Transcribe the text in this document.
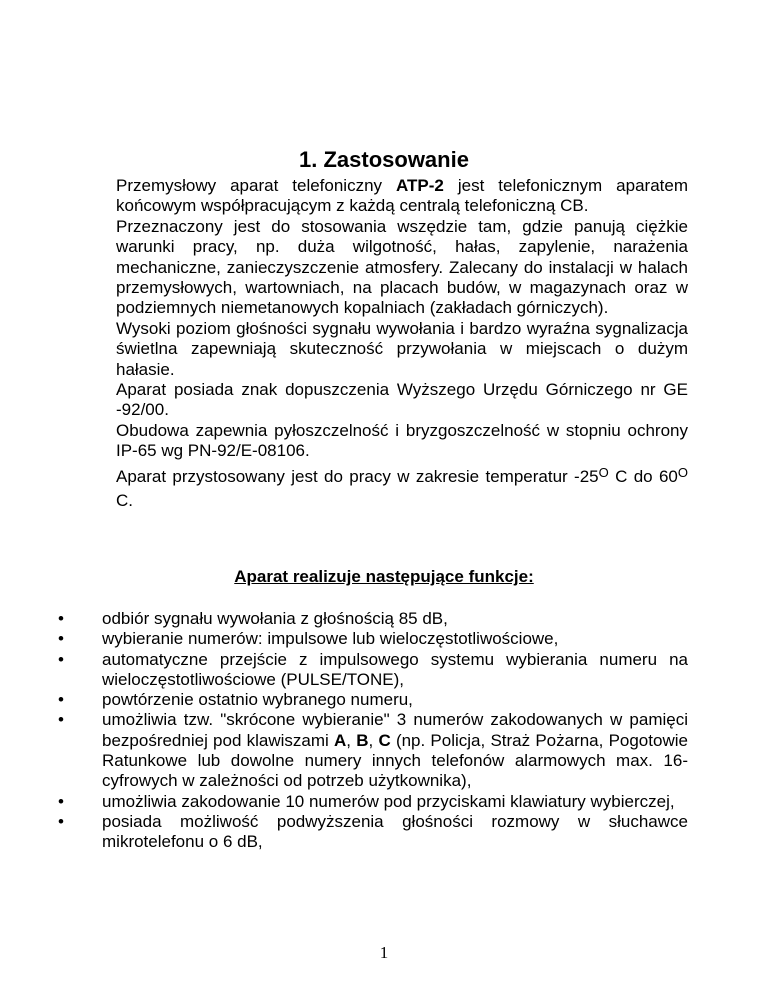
1. Zastosowanie

Przemysłowy aparat telefoniczny ATP-2 jest telefonicznym aparatem końcowym współpracującym z każdą centralą telefoniczną CB.

Przeznaczony jest do stosowania wszędzie tam, gdzie panują ciężkie warunki pracy, np. duża wilgotność, hałas, zapylenie, narażenia mechaniczne, zanieczyszczenie atmosfery. Zalecany do instalacji w halach przemysłowych, wartowniach, na placach budów, w magazynach oraz w podziemnych niemetanowych kopalniach (zakładach górniczych).

Wysoki poziom głośności sygnału wywołania i bardzo wyraźna sygnalizacja świetlna zapewniają skuteczność przywołania w miejscach o dużym hałasie.

Aparat posiada znak dopuszczenia Wyższego Urzędu Górniczego nr GE -92/00.

Obudowa zapewnia pyłoszczelność i bryzgoszczelność w stopniu ochrony IP-65 wg PN-92/E-08106.

Aparat przystosowany jest do pracy w zakresie temperatur $-25^O$ C do $60^O$ C.

Aparat realizuje następujące funkcje:
• odbiór sygnału wywołania z głośnością 85 dB,
• wybieranie numerów: impulsowe lub wieloczęstotliwościowe,
• automatyczne przejście z impulsowego systemu wybierania numeru na wieloczęstotliwościowe (PULSE/TONE),
• powtórzenie ostatnio wybranego numeru,
• umożliwia tzw. "skrócone wybieranie" 3 numerów zakodowanych w pamięci bezpośredniej pod klawiszami A, B, C (np. Policja, Straż Pożarna, Pogotowie Ratunkowe lub dowolne numery innych telefonów alarmowych max. 16-cyfrowych w zależności od potrzeb użytkownika),
• umożliwia zakodowanie 10 numerów pod przyciskami klawiatury wybierczej,
• posiada możliwość podwyższenia głośności rozmowy w słuchawce mikrotelefonu o 6 dB,
1
